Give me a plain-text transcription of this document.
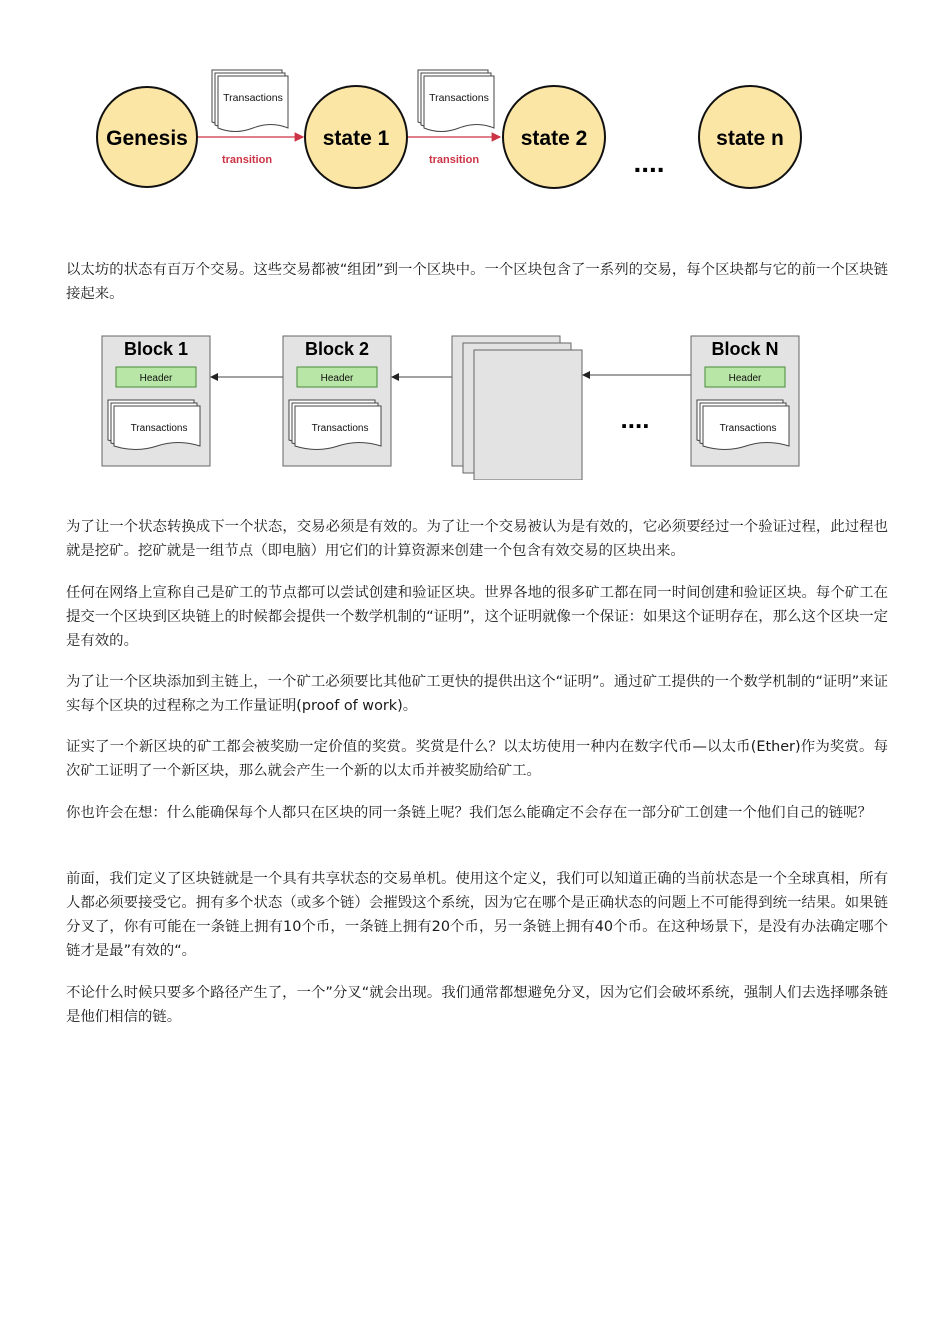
transition	transition
Transactions	Transactions
Genesis	state 1	state 2
....
state n

以太坊的状态有百万个交易。这些交易都被“组团”到一个区块中。一个区块包含了一系列的交易，每个区块都与它的前一个区块链接起来。

Block 1
Header
Transactions
Block 2
Header
Transactions	....
Block N
Header
Transactions

为了让一个状态转换成下一个状态，交易必须是有效的。为了让一个交易被认为是有效的，它必须要经过一个验证过程，此过程也就是挖矿。挖矿就是一组节点（即电脑）用它们的计算资源来创建一个包含有效交易的区块出来。

任何在网络上宣称自己是矿工的节点都可以尝试创建和验证区块。世界各地的很多矿工都在同一时间创建和验证区块。每个矿工在提交一个区块到区块链上的时候都会提供一个数学机制的“证明”，这个证明就像一个保证：如果这个证明存在，那么这个区块一定是有效的。

为了让一个区块添加到主链上，一个矿工必须要比其他矿工更快的提供出这个“证明”。通过矿工提供的一个数学机制的“证明”来证实每个区块的过程称之为工作量证明(proof of work)。

证实了一个新区块的矿工都会被奖励一定价值的奖赏。奖赏是什么？以太坊使用一种内在数字代币—以太币(Ether)作为奖赏。每次矿工证明了一个新区块，那么就会产生一个新的以太币并被奖励给矿工。

你也许会在想：什么能确保每个人都只在区块的同一条链上呢？我们怎么能确定不会存在一部分矿工创建一个他们自己的链呢？

前面，我们定义了区块链就是一个具有共享状态的交易单机。使用这个定义，我们可以知道正确的当前状态是一个全球真相，所有人都必须要接受它。拥有多个状态（或多个链）会摧毁这个系统，因为它在哪个是正确状态的问题上不可能得到统一结果。如果链分叉了，你有可能在一条链上拥有10个币，一条链上拥有20个币，另一条链上拥有40个币。在这种场景下，是没有办法确定哪个链才是最”有效的“。

不论什么时候只要多个路径产生了，一个”分叉“就会出现。我们通常都想避免分叉，因为它们会破坏系统，强制人们去选择哪条链是他们相信的链。
